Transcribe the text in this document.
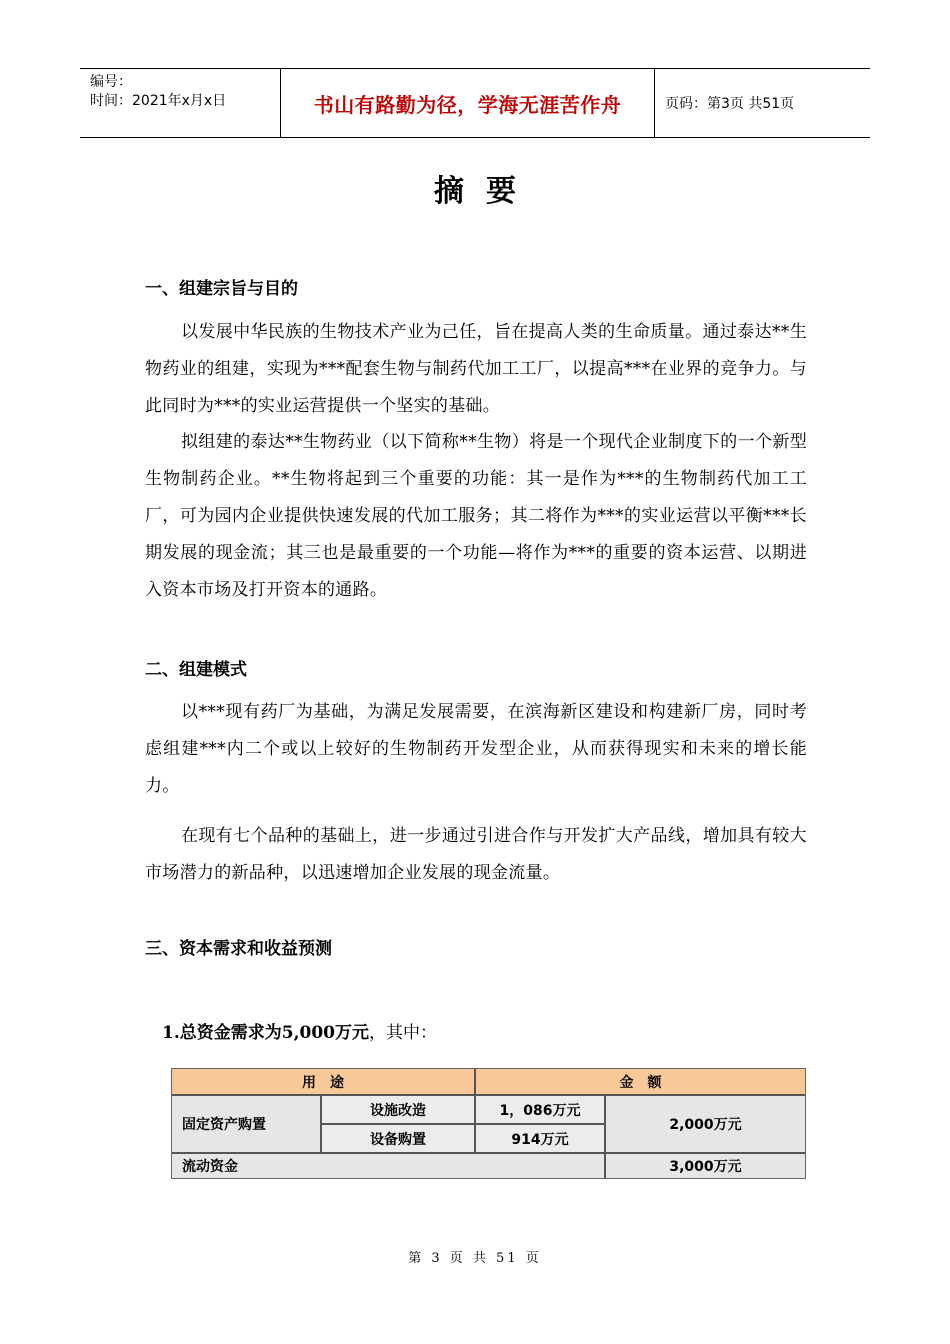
编号：
时间：2021年x月x日	书山有路勤为径，学海无涯苦作舟	页码：第3页 共51页
摘要
一、组建宗旨与目的

以发展中华民族的生物技术产业为己任，旨在提高人类的生命质量。通过泰达**生物药业的组建，实现为***配套生物与制药代加工工厂，以提高***在业界的竞争力。与此同时为***的实业运营提供一个坚实的基础。

拟组建的泰达**生物药业（以下简称**生物）将是一个现代企业制度下的一个新型生物制药企业。**生物将起到三个重要的功能：其一是作为***的生物制药代加工工厂，可为园内企业提供快速发展的代加工服务；其二将作为***的实业运营以平衡***长期发展的现金流；其三也是最重要的一个功能—将作为***的重要的资本运营、以期进入资本市场及打开资本的通路。

二、组建模式

以***现有药厂为基础，为满足发展需要，在滨海新区建设和构建新厂房，同时考虑组建***内二个或以上较好的生物制药开发型企业，从而获得现实和未来的增长能力。

在现有七个品种的基础上，进一步通过引进合作与开发扩大产品线，增加具有较大市场潜力的新品种，以迅速增加企业发展的现金流量。

三、资本需求和收益预测
1.总资金需求为5,000万元，其中：
用　途	金　额
固定资产购置
设施改造	1，086万元
设备购置	914万元
2,000万元
流动资金	3,000万元
第 3 页 共 51 页
